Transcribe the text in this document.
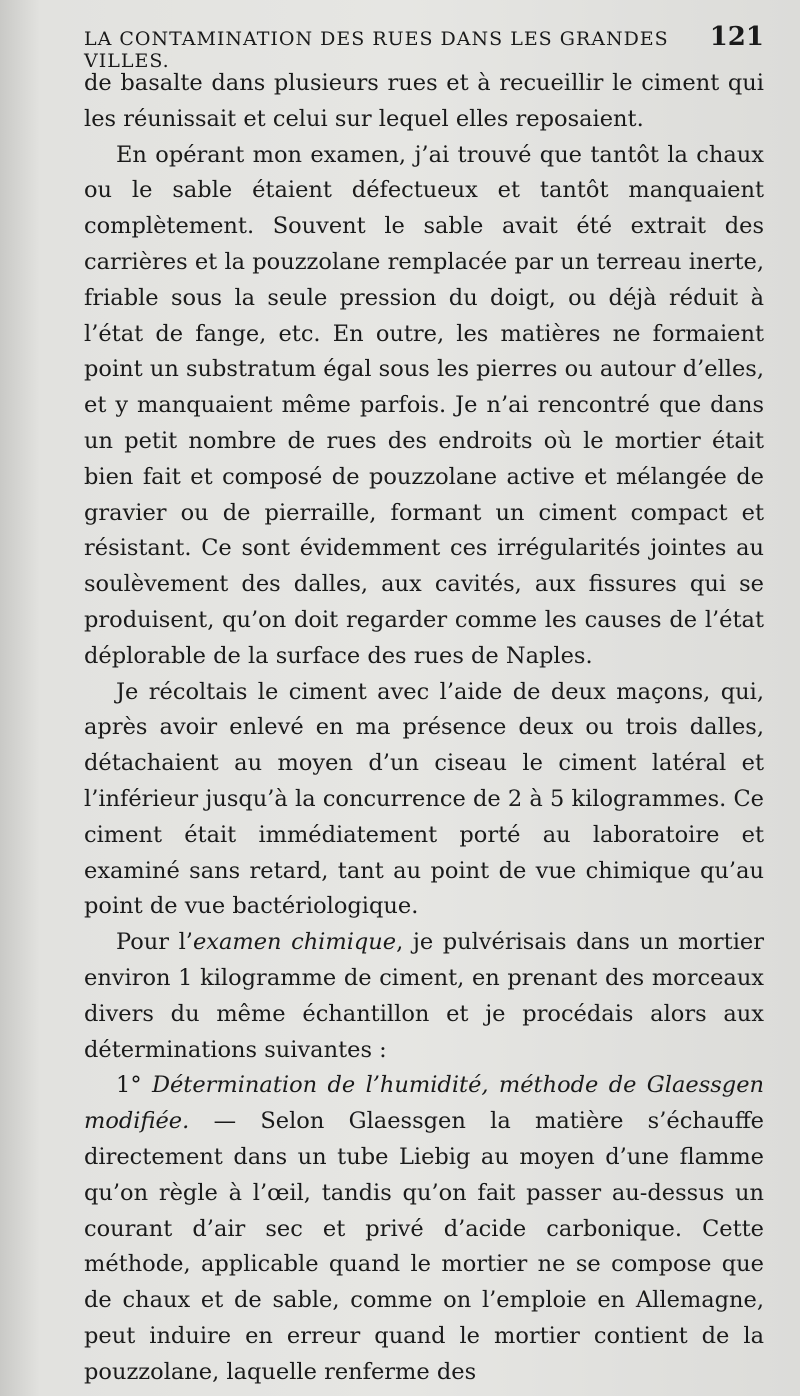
LA CONTAMINATION DES RUES DANS LES GRANDES VILLES.
121

de basalte dans plusieurs rues et à recueillir le ciment qui les réunissait et celui sur lequel elles reposaient.

En opérant mon examen, j’ai trouvé que tantôt la chaux ou le sable étaient défectueux et tantôt manquaient complètement. Souvent le sable avait été extrait des carrières et la pouzzolane remplacée par un terreau inerte, friable sous la seule pression du doigt, ou déjà réduit à l’état de fange, etc. En outre, les matières ne formaient point un substratum égal sous les pierres ou autour d’elles, et y manquaient même parfois. Je n’ai rencontré que dans un petit nombre de rues des endroits où le mortier était bien fait et composé de pouzzolane active et mélangée de gravier ou de pierraille, formant un ciment compact et résistant. Ce sont évidemment ces irrégularités jointes au soulèvement des dalles, aux cavités, aux fissures qui se produisent, qu’on doit regarder comme les causes de l’état déplorable de la surface des rues de Naples.

Je récoltais le ciment avec l’aide de deux maçons, qui, après avoir enlevé en ma présence deux ou trois dalles, détachaient au moyen d’un ciseau le ciment latéral et l’inférieur jusqu’à la concurrence de 2 à 5 kilogrammes. Ce ciment était immédiatement porté au laboratoire et examiné sans retard, tant au point de vue chimique qu’au point de vue bactériologique.

Pour l’examen chimique, je pulvérisais dans un mortier environ 1 kilogramme de ciment, en prenant des morceaux divers du même échantillon et je procédais alors aux déterminations suivantes :

1° Détermination de l’humidité, méthode de Glaessgen modifiée. — Selon Glaessgen la matière s’échauffe directement dans un tube Liebig au moyen d’une flamme qu’on règle à l’œil, tandis qu’on fait passer au-dessus un courant d’air sec et privé d’acide carbonique. Cette méthode, applicable quand le mortier ne se compose que de chaux et de sable, comme on l’emploie en Allemagne, peut induire en erreur quand le mortier contient de la pouzzolane, laquelle renferme des
